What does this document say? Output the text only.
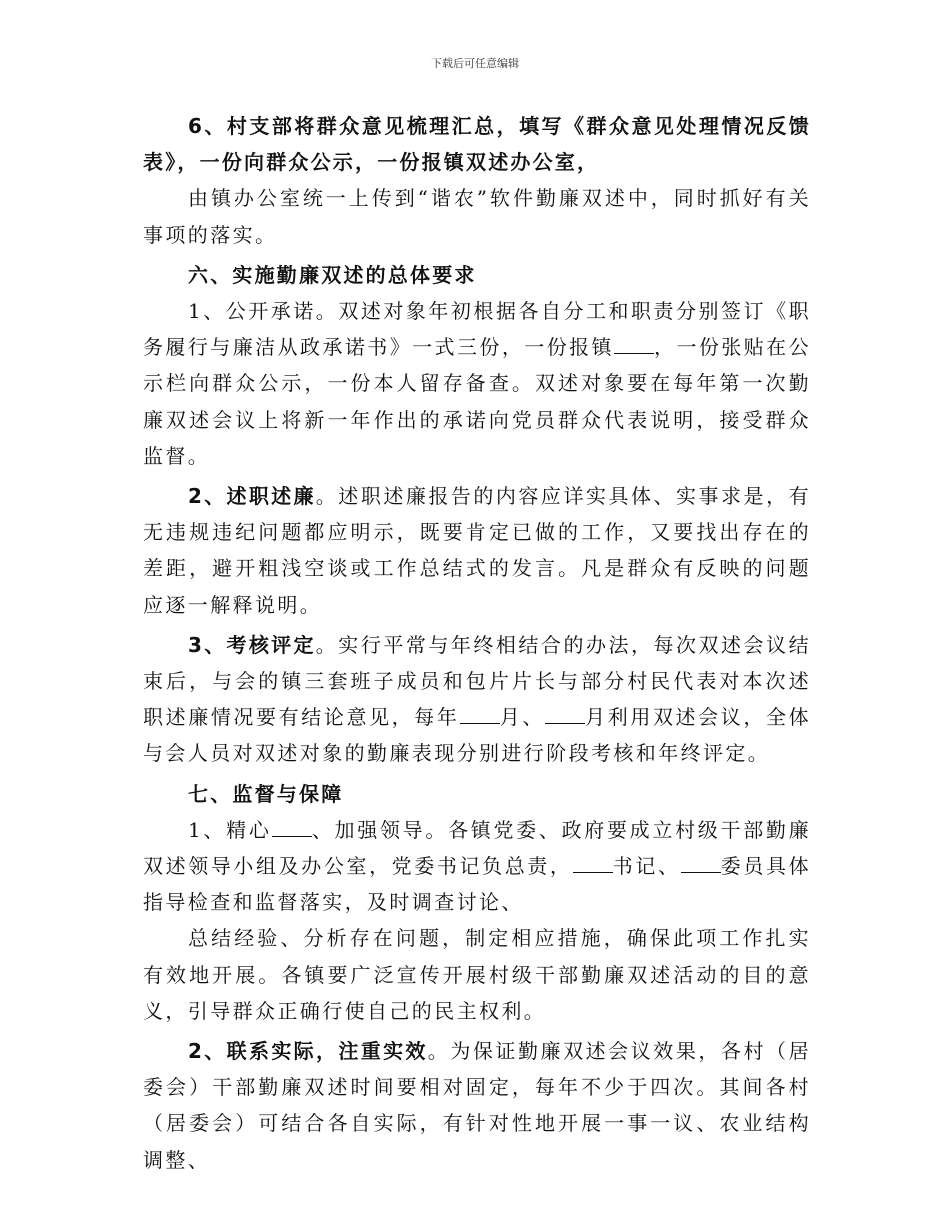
下载后可任意编辑

6、村支部将群众意见梳理汇总，填写《群众意见处理情况反馈表》，一份向群众公示，一份报镇双述办公室，

由镇办公室统一上传到“谐农”软件勤廉双述中，同时抓好有关事项的落实。

六、实施勤廉双述的总体要求

1、公开承诺。双述对象年初根据各自分工和职责分别签订《职务履行与廉洁从政承诺书》一式三份，一份报镇 ，一份张贴在公示栏向群众公示，一份本人留存备查。双述对象要在每年第一次勤廉双述会议上将新一年作出的承诺向党员群众代表说明，接受群众监督。

2、述职述廉。述职述廉报告的内容应详实具体、实事求是，有无违规违纪问题都应明示，既要肯定已做的工作，又要找出存在的差距，避开粗浅空谈或工作总结式的发言。凡是群众有反映的问题应逐一解释说明。

3、考核评定。实行平常与年终相结合的办法，每次双述会议结束后，与会的镇三套班子成员和包片片长与部分村民代表对本次述职述廉情况要有结论意见，每年 月、 月利用双述会议，全体与会人员对双述对象的勤廉表现分别进行阶段考核和年终评定。

七、监督与保障

1、精心 、加强领导。各镇党委、政府要成立村级干部勤廉双述领导小组及办公室，党委书记负总责， 书记、 委员具体指导检查和监督落实，及时调查讨论、

总结经验、分析存在问题，制定相应措施，确保此项工作扎实有效地开展。各镇要广泛宣传开展村级干部勤廉双述活动的目的意义，引导群众正确行使自己的民主权利。

2、联系实际，注重实效。为保证勤廉双述会议效果，各村（居委会）干部勤廉双述时间要相对固定，每年不少于四次。其间各村（居委会）可结合各自实际，有针对性地开展一事一议、农业结构调整、
